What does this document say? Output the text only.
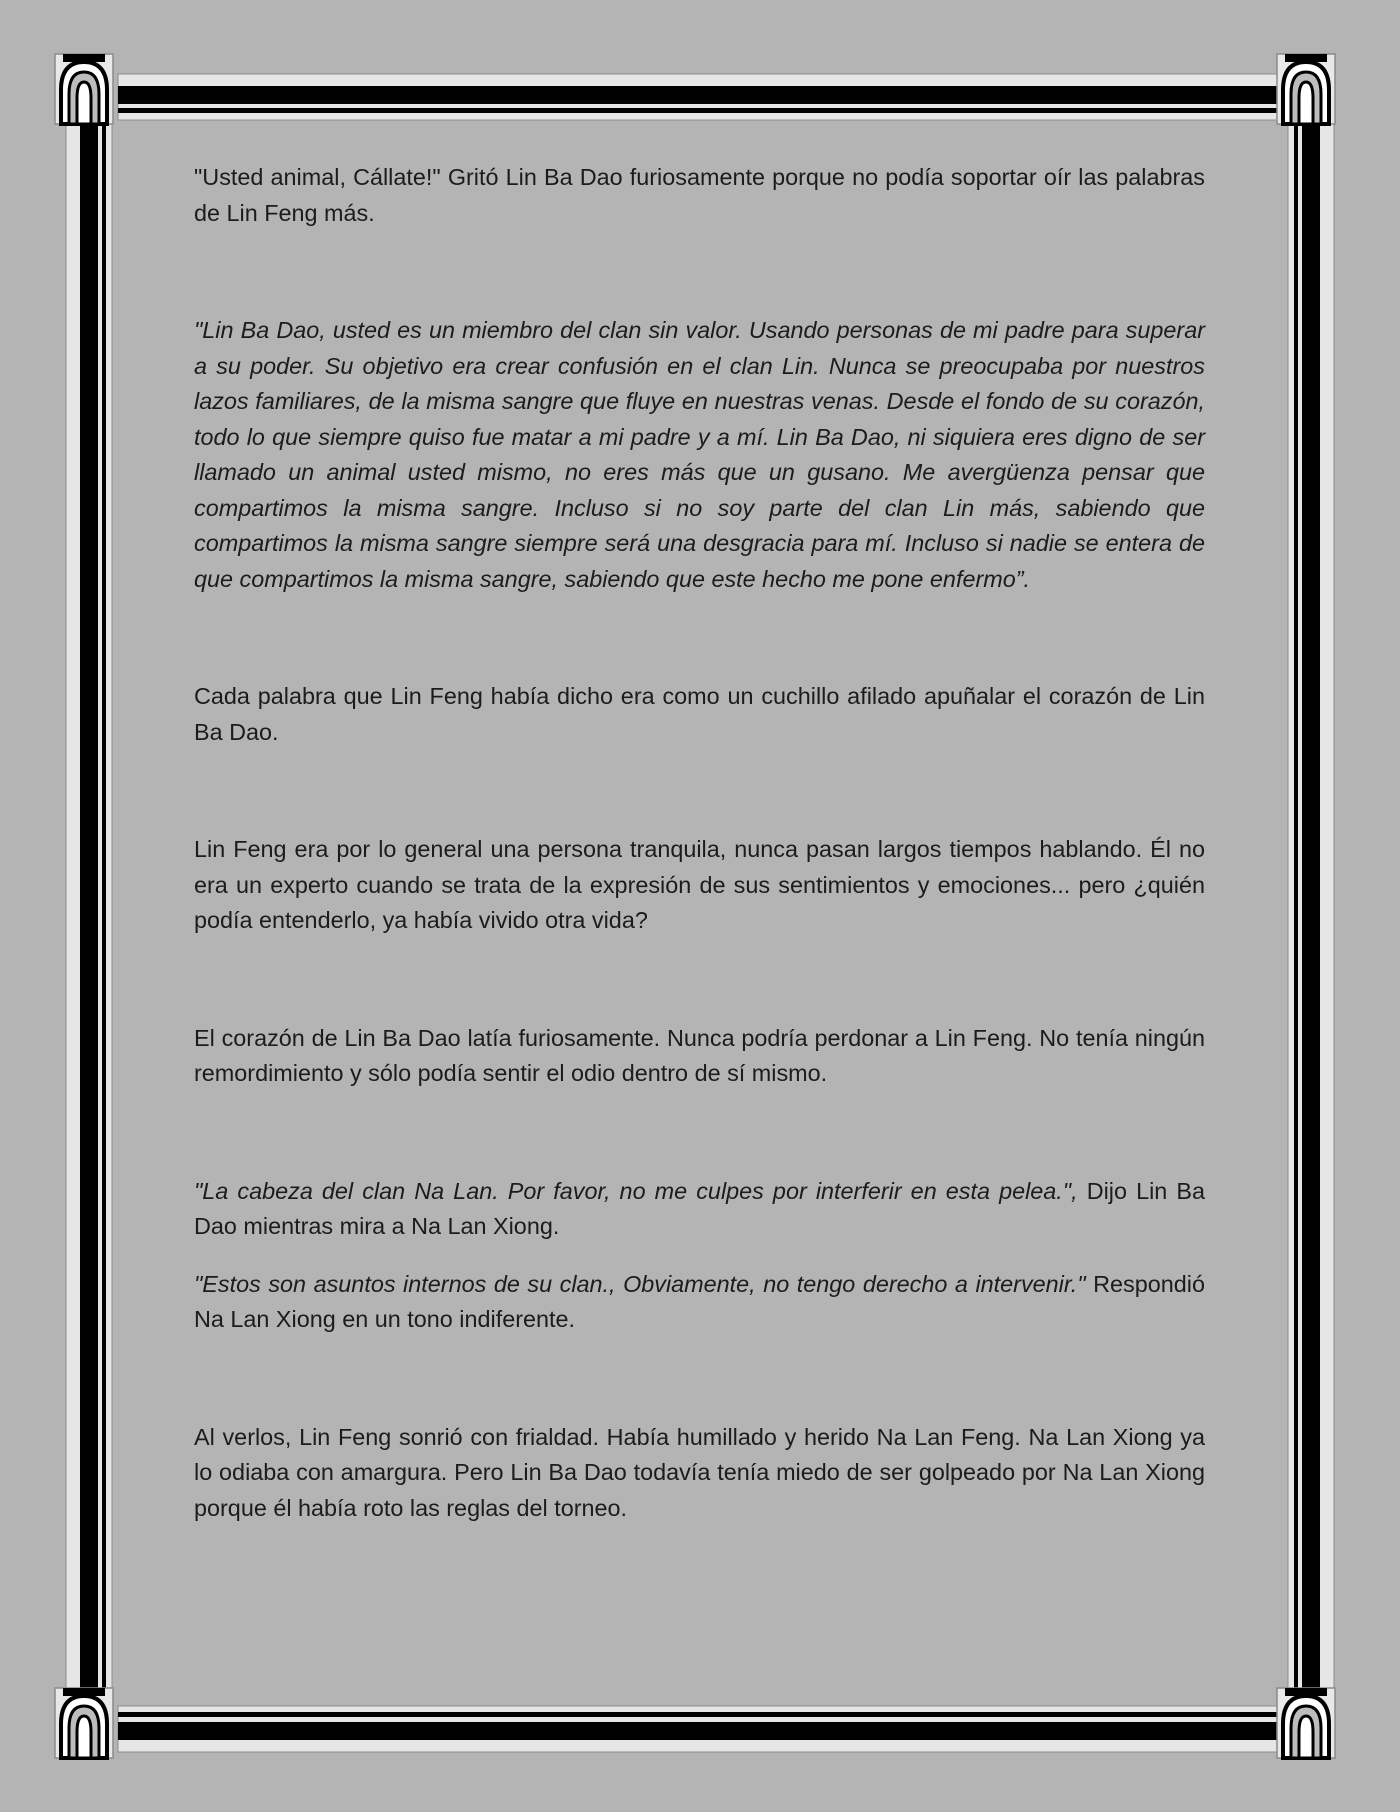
"Usted animal, Cállate!" Gritó Lin Ba Dao furiosamente porque no podía soportar oír las palabras de Lin Feng más.

"Lin Ba Dao, usted es un miembro del clan sin valor. Usando personas de mi padre para superar a su poder. Su objetivo era crear confusión en el clan Lin. Nunca se preocupaba por nuestros lazos familiares, de la misma sangre que fluye en nuestras venas. Desde el fondo de su corazón, todo lo que siempre quiso fue matar a mi padre y a mí. Lin Ba Dao, ni siquiera eres digno de ser llamado un animal usted mismo, no eres más que un gusano. Me avergüenza pensar que compartimos la misma sangre. Incluso si no soy parte del clan Lin más, sabiendo que compartimos la misma sangre siempre será una desgracia para mí. Incluso si nadie se entera de que compartimos la misma sangre, sabiendo que este hecho me pone enfermo”.

Cada palabra que Lin Feng había dicho era como un cuchillo afilado apuñalar el corazón de Lin Ba Dao.

Lin Feng era por lo general una persona tranquila, nunca pasan largos tiempos hablando. Él no era un experto cuando se trata de la expresión de sus sentimientos y emociones... pero ¿quién podía entenderlo, ya había vivido otra vida?

El corazón de Lin Ba Dao latía furiosamente. Nunca podría perdonar a Lin Feng. No tenía ningún remordimiento y sólo podía sentir el odio dentro de sí mismo.

"La cabeza del clan Na Lan. Por favor, no me culpes por interferir en esta pelea.", Dijo Lin Ba Dao mientras mira a Na Lan Xiong.

"Estos son asuntos internos de su clan., Obviamente, no tengo derecho a intervenir." Respondió Na Lan Xiong en un tono indiferente.

Al verlos, Lin Feng sonrió con frialdad. Había humillado y herido Na Lan Feng. Na Lan Xiong ya lo odiaba con amargura. Pero Lin Ba Dao todavía tenía miedo de ser golpeado por Na Lan Xiong porque él había roto las reglas del torneo.
